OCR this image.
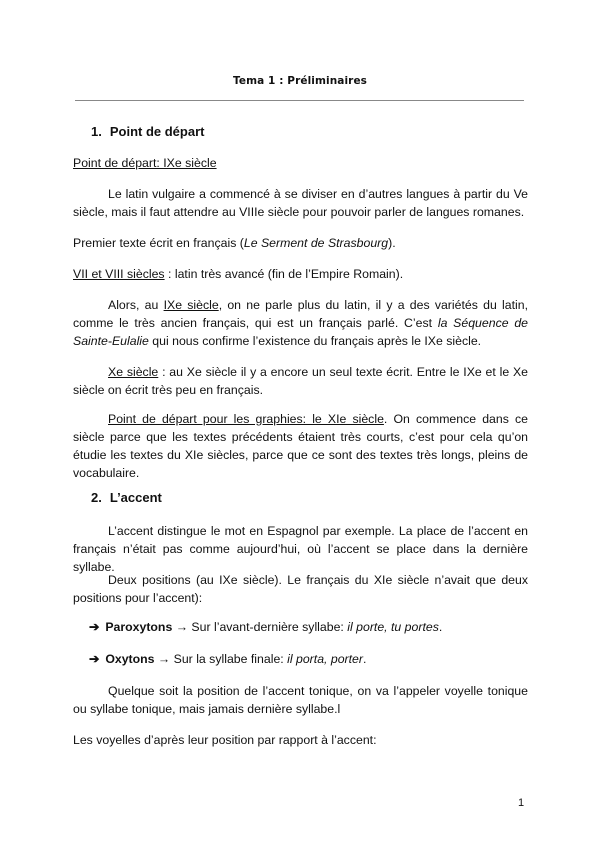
Tema 1 : Préliminaires
1. Point de départ
Point de départ: IXe siècle
Le latin vulgaire a commencé à se diviser en d’autres langues à partir du Ve siècle, mais il faut attendre au VIIIe siècle pour pouvoir parler de langues romanes.
Premier texte écrit en français (Le Serment de Strasbourg).
VII et VIII siècles : latin très avancé (fin de l’Empire Romain).
Alors, au IXe siècle, on ne parle plus du latin, il y a des variétés du latin, comme le très ancien français, qui est un français parlé. C’est la Séquence de Sainte-Eulalie qui nous confirme l’existence du français après le IXe siècle.
Xe siècle : au Xe siècle il y a encore un seul texte écrit. Entre le IXe et le Xe siècle on écrit très peu en français.
Point de départ pour les graphies: le XIe siècle. On commence dans ce siècle parce que les textes précédents étaient très courts, c’est pour cela qu’on étudie les textes du XIe siècles, parce que ce sont des textes très longs, pleins de vocabulaire.
2. L’accent
L’accent distingue le mot en Espagnol par exemple. La place de l’accent en français n’était pas comme aujourd’hui, où l’accent se place dans la dernière syllabe.
Deux positions (au IXe siècle). Le français du XIe siècle n’avait que deux positions pour l’accent):
➔ Paroxytons → Sur l’avant-dernière syllabe: il porte, tu portes.
➔ Oxytons → Sur la syllabe finale: il porta, porter.
Quelque soit la position de l’accent tonique, on va l’appeler voyelle tonique ou syllabe tonique, mais jamais dernière syllabe.l
Les voyelles d’après leur position par rapport à l’accent:
1
